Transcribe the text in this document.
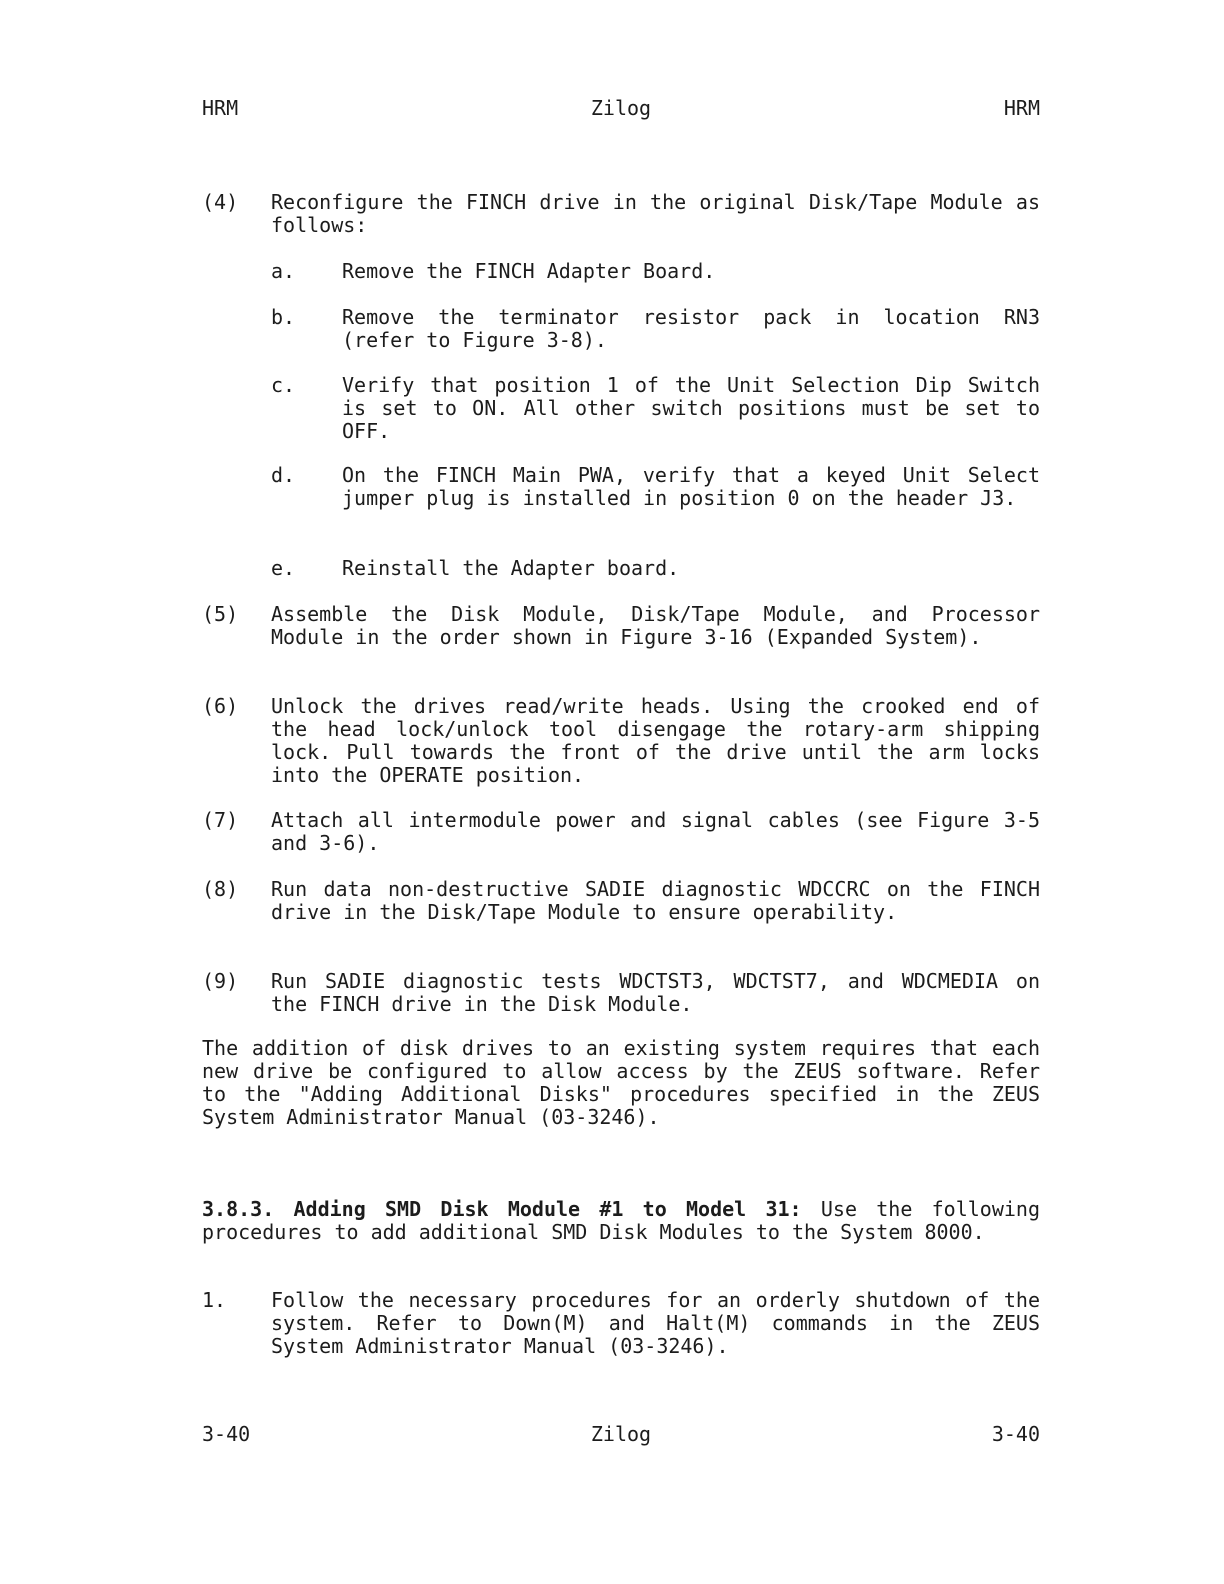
HRM	Zilog	HRM
(4) Reconfigure the FINCH drive in the original Disk/Tape Module as follows:
a. Remove the FINCH Adapter Board.
b. Remove the terminator resistor pack in location RN3 (refer to Figure 3-8).
c. Verify that position 1 of the Unit Selection Dip Switch is set to ON. All other switch positions must be set to OFF.
d. On the FINCH Main PWA, verify that a keyed Unit Select jumper plug is installed in position 0 on the header J3.
e. Reinstall the Adapter board.
(5) Assemble the Disk Module, Disk/Tape Module, and Processor Module in the order shown in Figure 3-16 (Expanded System).
(6) Unlock the drives read/write heads. Using the crooked end of the head lock/unlock tool disengage the rotary-arm shipping lock. Pull towards the front of the drive until the arm locks into the OPERATE position.
(7) Attach all intermodule power and signal cables (see Figure 3-5 and 3-6).
(8) Run data non-destructive SADIE diagnostic WDCCRC on the FINCH drive in the Disk/Tape Module to ensure operability.
(9) Run SADIE diagnostic tests WDCTST3, WDCTST7, and WDCMEDIA on the FINCH drive in the Disk Module.
The addition of disk drives to an existing system requires that each new drive be configured to allow access by the ZEUS software. Refer to the "Adding Additional Disks" procedures specified in the ZEUS System Administrator Manual (03-3246).
3.8.3. Adding SMD Disk Module #1 to Model 31: Use the following procedures to add additional SMD Disk Modules to the System 8000.
1. Follow the necessary procedures for an orderly shutdown of the system. Refer to Down(M) and Halt(M) commands in the ZEUS System Administrator Manual (03-3246).
3-40	Zilog	3-40
